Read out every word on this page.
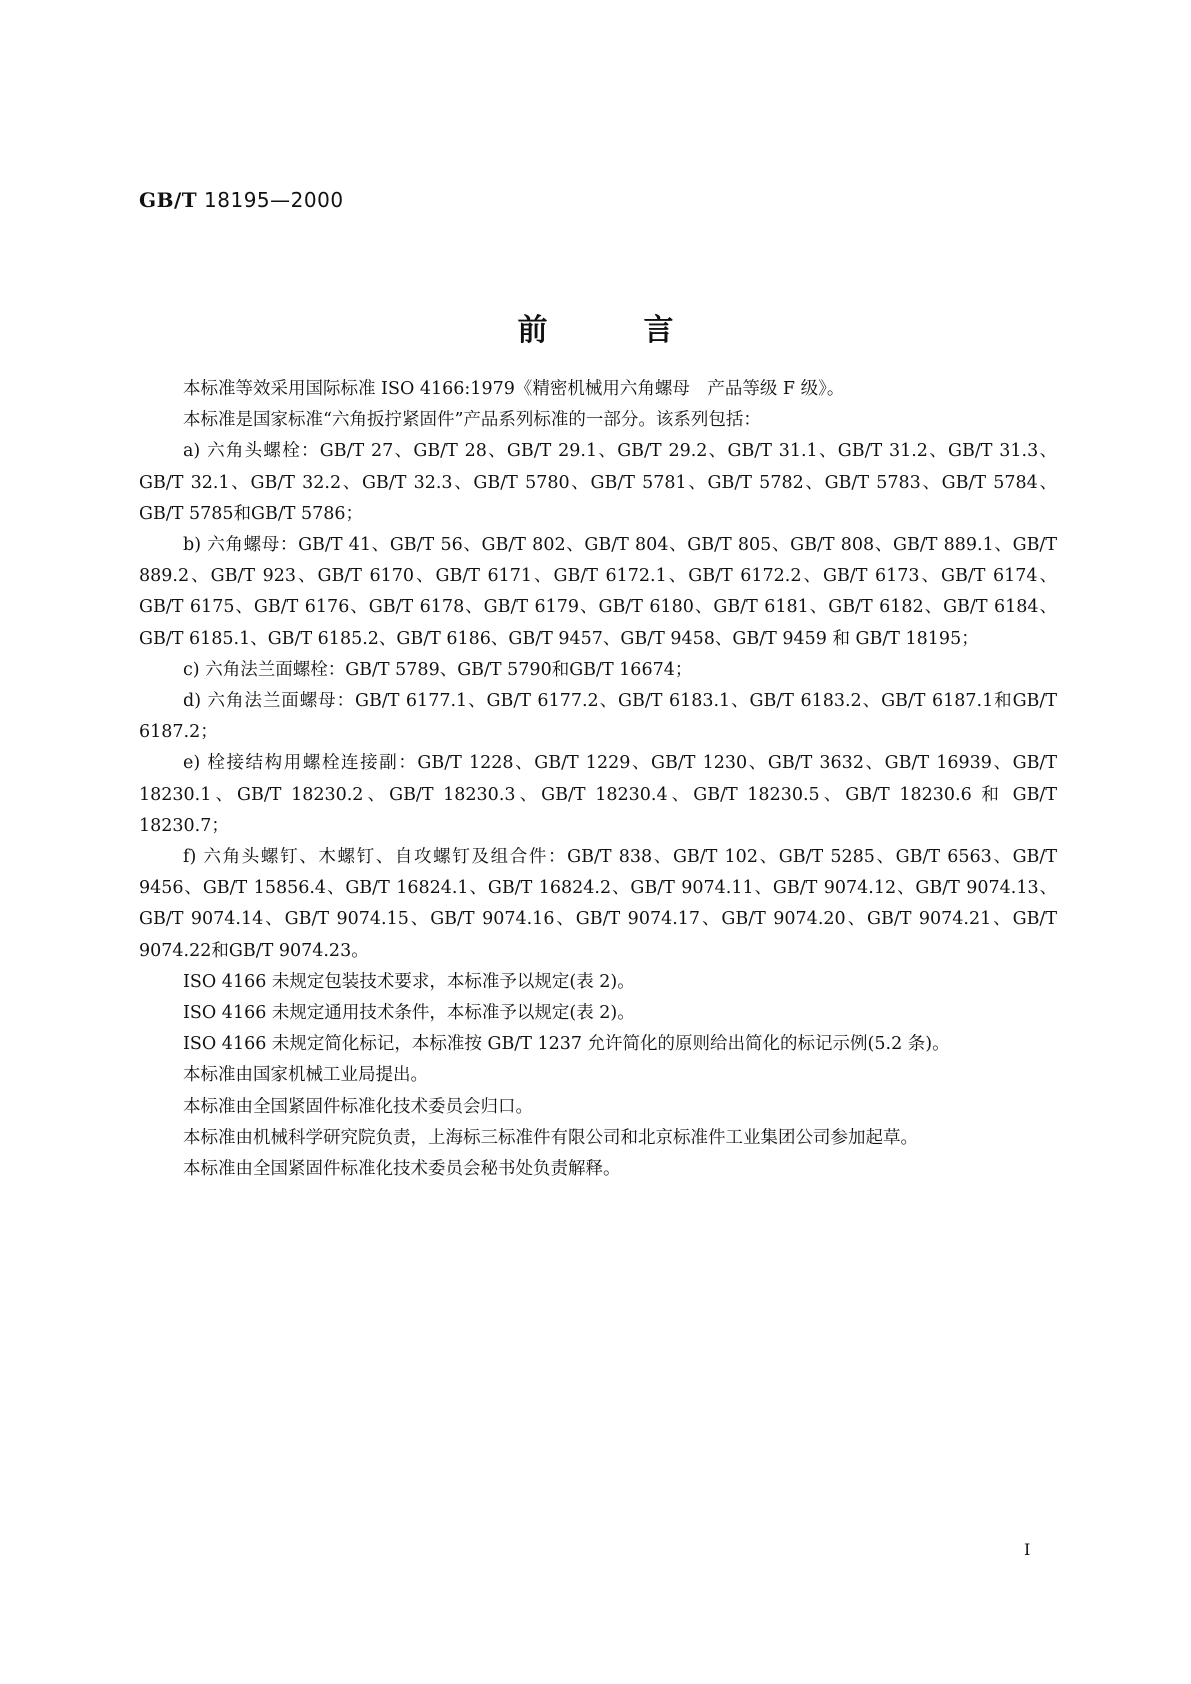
GB/T 18195—2000
前言

本标准等效采用国际标准 ISO 4166:1979《精密机械用六角螺母　产品等级 F 级》。

本标准是国家标准“六角扳拧紧固件”产品系列标准的一部分。该系列包括：

a) 六角头螺栓：GB/T 27、GB/T 28、GB/T 29.1、GB/T 29.2、GB/T 31.1、GB/T 31.2、GB/T 31.3、GB/T 32.1、GB/T 32.2、GB/T 32.3、GB/T 5780、GB/T 5781、GB/T 5782、GB/T 5783、GB/T 5784、GB/T 5785和GB/T 5786；

b) 六角螺母：GB/T 41、GB/T 56、GB/T 802、GB/T 804、GB/T 805、GB/T 808、GB/T 889.1、GB/T 889.2、GB/T 923、GB/T 6170、GB/T 6171、GB/T 6172.1、GB/T 6172.2、GB/T 6173、GB/T 6174、GB/T 6175、GB/T 6176、GB/T 6178、GB/T 6179、GB/T 6180、GB/T 6181、GB/T 6182、GB/T 6184、GB/T 6185.1、GB/T 6185.2、GB/T 6186、GB/T 9457、GB/T 9458、GB/T 9459 和 GB/T 18195；

c) 六角法兰面螺栓：GB/T 5789、GB/T 5790和GB/T 16674；

d) 六角法兰面螺母：GB/T 6177.1、GB/T 6177.2、GB/T 6183.1、GB/T 6183.2、GB/T 6187.1和GB/T 6187.2；

e) 栓接结构用螺栓连接副：GB/T 1228、GB/T 1229、GB/T 1230、GB/T 3632、GB/T 16939、GB/T 18230.1、GB/T 18230.2、GB/T 18230.3、GB/T 18230.4、GB/T 18230.5、GB/T 18230.6 和 GB/T 18230.7；

f) 六角头螺钉、木螺钉、自攻螺钉及组合件：GB/T 838、GB/T 102、GB/T 5285、GB/T 6563、GB/T 9456、GB/T 15856.4、GB/T 16824.1、GB/T 16824.2、GB/T 9074.11、GB/T 9074.12、GB/T 9074.13、GB/T 9074.14、GB/T 9074.15、GB/T 9074.16、GB/T 9074.17、GB/T 9074.20、GB/T 9074.21、GB/T 9074.22和GB/T 9074.23。

ISO 4166 未规定包装技术要求，本标准予以规定(表 2)。

ISO 4166 未规定通用技术条件，本标准予以规定(表 2)。

ISO 4166 未规定简化标记，本标准按 GB/T 1237 允许简化的原则给出简化的标记示例(5.2 条)。

本标准由国家机械工业局提出。

本标准由全国紧固件标准化技术委员会归口。

本标准由机械科学研究院负责，上海标三标准件有限公司和北京标准件工业集团公司参加起草。

本标准由全国紧固件标准化技术委员会秘书处负责解释。

I
